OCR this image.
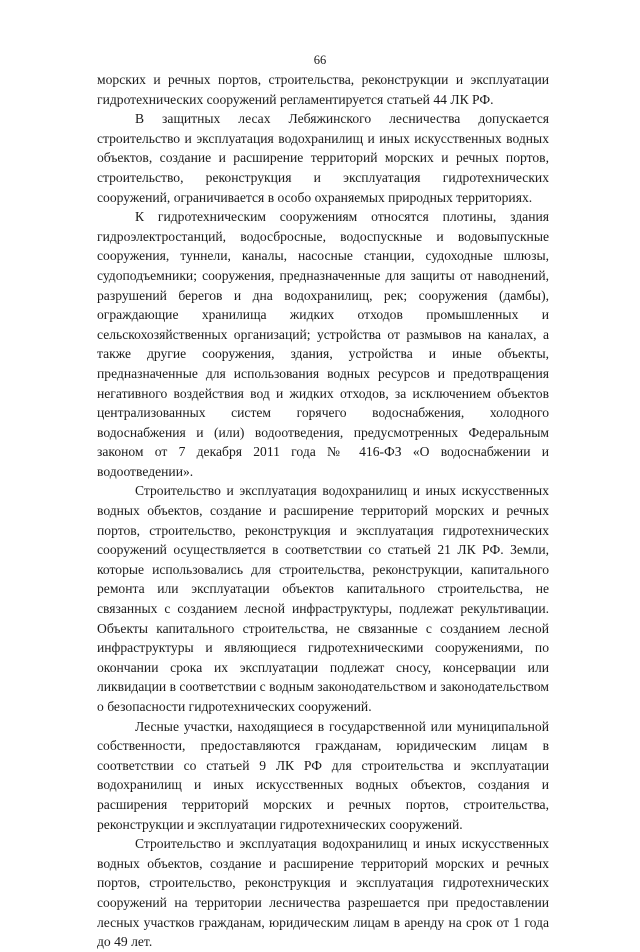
66

морских и речных портов, строительства, реконструкции и эксплуатации гидротехнических сооружений регламентируется статьей 44 ЛК РФ.

В защитных лесах Лебяжинского лесничества допускается строительство и эксплуатация водохранилищ и иных искусственных водных объектов, создание и расширение территорий морских и речных портов, строительство, реконструкция и эксплуатация гидротехнических сооружений, ограничивается в особо охраняемых природных территориях.

К гидротехническим сооружениям относятся плотины, здания гидроэлектростанций, водосбросные, водоспускные и водовыпускные сооружения, туннели, каналы, насосные станции, судоходные шлюзы, судоподъемники; сооружения, предназначенные для защиты от наводнений, разрушений берегов и дна водохранилищ, рек; сооружения (дамбы), ограждающие хранилища жидких отходов промышленных и сельскохозяйственных организаций; устройства от размывов на каналах, а также другие сооружения, здания, устройства и иные объекты, предназначенные для использования водных ресурсов и предотвращения негативного воздействия вод и жидких отходов, за исключением объектов централизованных систем горячего водоснабжения, холодного водоснабжения и (или) водоотведения, предусмотренных Федеральным законом от 7 декабря 2011 года № 416-ФЗ «О водоснабжении и водоотведении».

Строительство и эксплуатация водохранилищ и иных искусственных водных объектов, создание и расширение территорий морских и речных портов, строительство, реконструкция и эксплуатация гидротехнических сооружений осуществляется в соответствии со статьей 21 ЛК РФ. Земли, которые использовались для строительства, реконструкции, капитального ремонта или эксплуатации объектов капитального строительства, не связанных с созданием лесной инфраструктуры, подлежат рекультивации. Объекты капитального строительства, не связанные с созданием лесной инфраструктуры и являющиеся гидротехническими сооружениями, по окончании срока их эксплуатации подлежат сносу, консервации или ликвидации в соответствии с водным законодательством и законодательством о безопасности гидротехнических сооружений.

Лесные участки, находящиеся в государственной или муниципальной собственности, предоставляются гражданам, юридическим лицам в соответствии со статьей 9 ЛК РФ для строительства и эксплуатации водохранилищ и иных искусственных водных объектов, создания и расширения территорий морских и речных портов, строительства, реконструкции и эксплуатации гидротехнических сооружений.

Строительство и эксплуатация водохранилищ и иных искусственных водных объектов, создание и расширение территорий морских и речных портов, строительство, реконструкция и эксплуатация гидротехнических сооружений на территории лесничества разрешается при предоставлении лесных участков гражданам, юридическим лицам в аренду на срок от 1 года до 49 лет.
